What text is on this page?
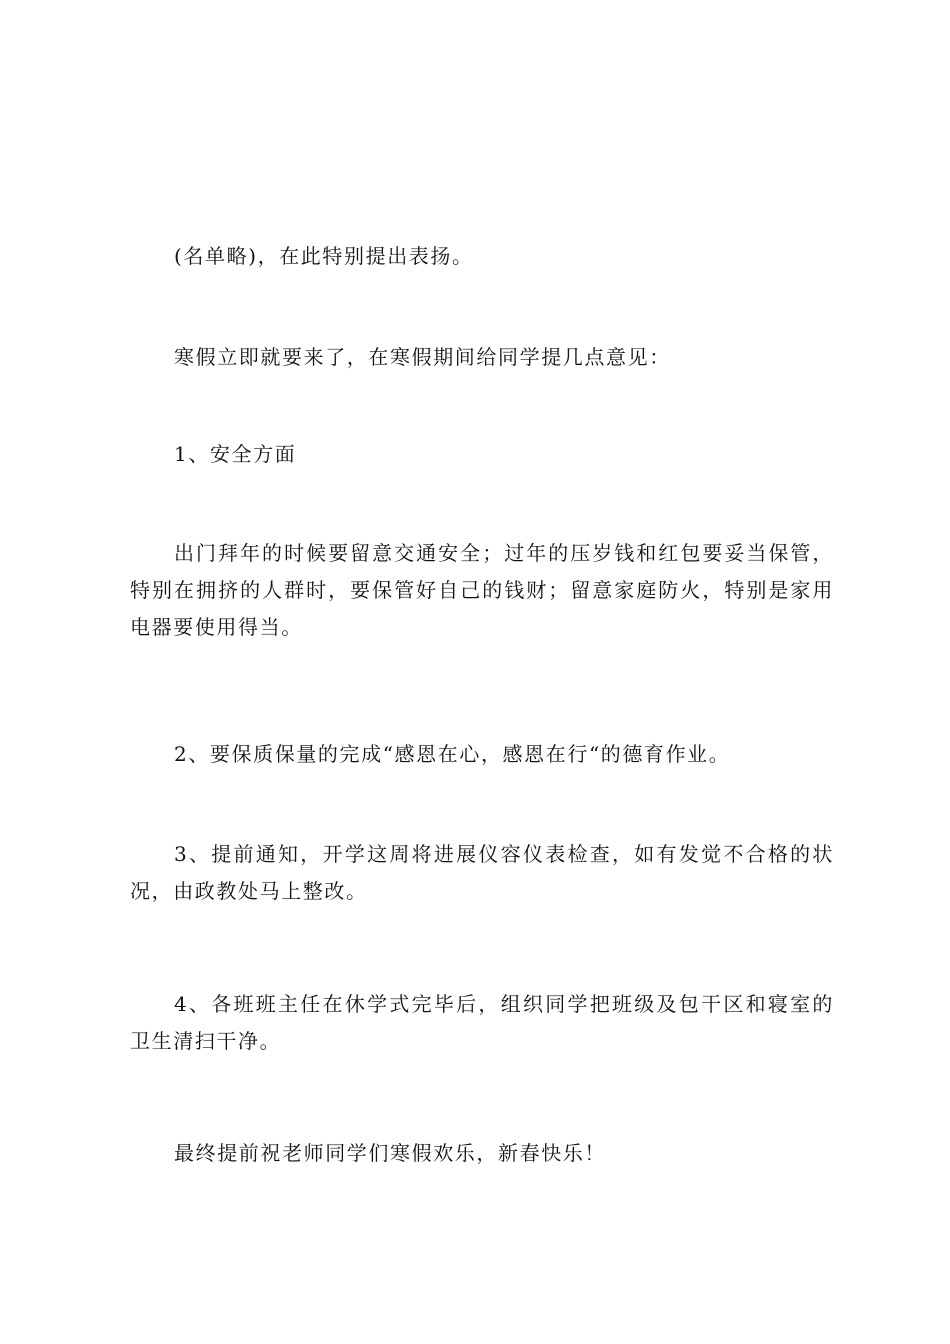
(名单略)，在此特别提出表扬。

寒假立即就要来了，在寒假期间给同学提几点意见：

1、安全方面

出门拜年的时候要留意交通安全；过年的压岁钱和红包要妥当保管，特别在拥挤的人群时，要保管好自己的钱财；留意家庭防火，特别是家用电器要使用得当。

2、要保质保量的完成“感恩在心，感恩在行“的德育作业。

3、提前通知，开学这周将进展仪容仪表检查，如有发觉不合格的状况，由政教处马上整改。

4、各班班主任在休学式完毕后，组织同学把班级及包干区和寝室的卫生清扫干净。

最终提前祝老师同学们寒假欢乐，新春快乐！
